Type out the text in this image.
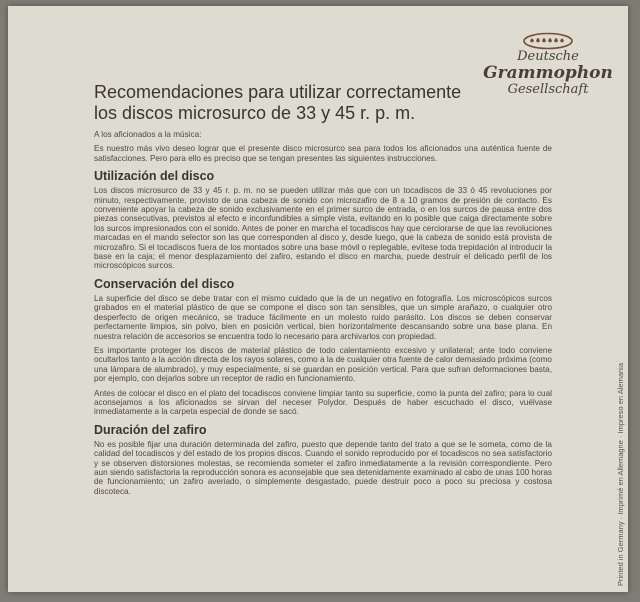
Deutsche
Grammophon
Gesellschaft
Recomendaciones para utilizar correctamente los discos microsurco de 33 y 45 r. p. m.

A los aficionados a la música:

Es nuestro más vivo deseo lograr que el presente disco microsurco sea para todos los aficionados una auténtica fuente de satisfacciones. Pero para ello es preciso que se tengan presentes las siguientes instrucciones.

Utilización del disco

Los discos microsurco de 33 y 45 r. p. m. no se pueden utilizar más que con un tocadiscos de 33 ó 45 revoluciones por minuto, respectivamente, provisto de una cabeza de sonido con microzafiro de 8 a 10 gramos de presión de contacto. Es conveniente apoyar la cabeza de sonido exclusivamente en el primer surco de entrada, o en los surcos de pausa entre dos piezas consecutivas, previstos al efecto e inconfundibles a simple vista, evitando en lo posible que caiga directamente sobre los surcos impresionados con el sonido. Antes de poner en marcha el tocadiscos hay que cerciorarse de que las revoluciones marcadas en el mando selector son las que corresponden al disco y, desde luego, que la cabeza de sonido está provista de microzafiro. Si el tocadiscos fuera de los montados sobre una base móvil o replegable, evítese toda trepidación al introducir la base en la caja; el menor desplazamiento del zafiro, estando el disco en marcha, puede destruir el delicado perfil de los microscópicos surcos.

Conservación del disco

La superficie del disco se debe tratar con el mismo cuidado que la de un negativo en fotografía. Los microscópicos surcos grabados en el material plástico de que se compone el disco son tan sensibles, que un simple arañazo, o cualquier otro desperfecto de origen mecánico, se traduce fácilmente en un molesto ruido parásito. Los discos se deben conservar perfectamente limpios, sin polvo, bien en posición vertical, bien horizontalmente descansando sobre una base plana. En nuestra relación de accesorios se encuentra todo lo necesario para archivarlos con propiedad.

Es importante proteger los discos de material plástico de todo calentamiento excesivo y unilateral; ante todo conviene ocultarlos tanto a la acción directa de los rayos solares, como a la de cualquier otra fuente de calor demasiado próxima (como una lámpara de alumbrado), y muy especialmente, si se guardan en posición vertical. Para que sufran deformaciones basta, por ejemplo, con dejarlos sobre un receptor de radio en funcionamiento.

Antes de colocar el disco en el plato del tocadiscos conviene limpiar tanto su superficie, como la punta del zafiro; para lo cual aconsejamos a los aficionados se sirvan del neceser Polydor. Después de haber escuchado el disco, vuélvase inmediatamente a la carpeta especial de donde se sacó.

Duración del zafiro

No es posible fijar una duración determinada del zafiro, puesto que depende tanto del trato a que se le someta, como de la calidad del tocadiscos y del estado de los propios discos. Cuando el sonido reproducido por el tocadiscos no sea satisfactorio y se observen distorsiones molestas, se recomienda someter el zafiro inmediatamente a la revisión correspondiente. Pero aun siendo satisfactoria la reproducción sonora es aconsejable que sea detenidamente examinado al cabo de unas 100 horas de funcionamiento; un zafiro averiado, o simplemente desgastado, puede destruir poco a poco su preciosa y costosa discoteca.	Printed in Germany · Imprimé en Allemagne · Impreso en Alemania
